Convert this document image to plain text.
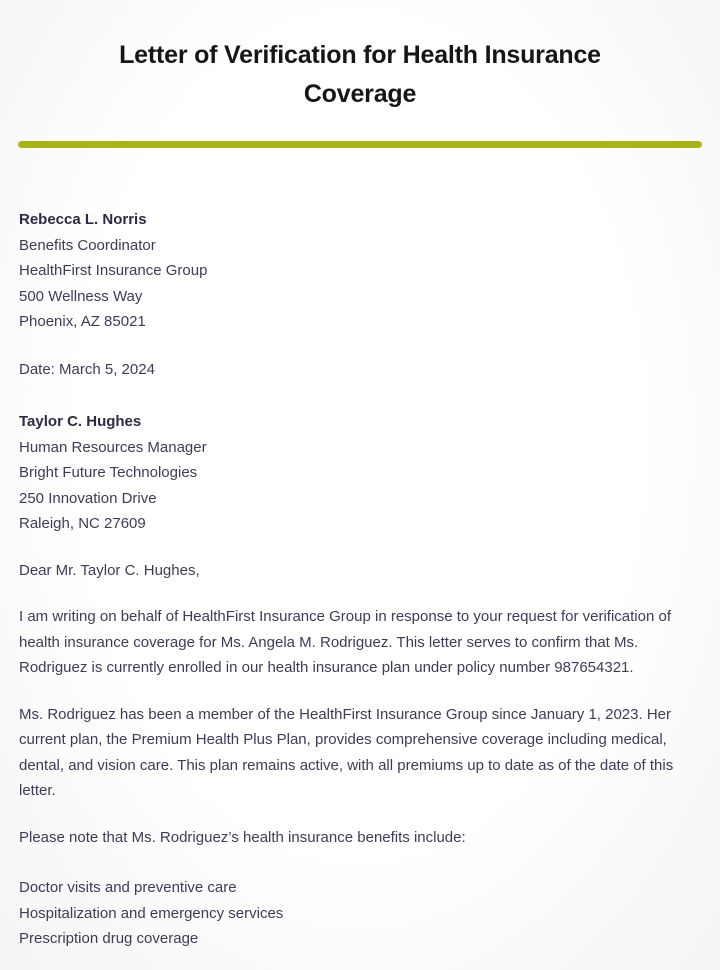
Letter of Verification for Health Insurance Coverage
Rebecca L. Norris
Benefits Coordinator
HealthFirst Insurance Group
500 Wellness Way
Phoenix, AZ 85021
Date: March 5, 2024
Taylor C. Hughes
Human Resources Manager
Bright Future Technologies
250 Innovation Drive
Raleigh, NC 27609
Dear Mr. Taylor C. Hughes,

I am writing on behalf of HealthFirst Insurance Group in response to your request for verification of health insurance coverage for Ms. Angela M. Rodriguez. This letter serves to confirm that Ms. Rodriguez is currently enrolled in our health insurance plan under policy number 987654321.

Ms. Rodriguez has been a member of the HealthFirst Insurance Group since January 1, 2023. Her current plan, the Premium Health Plus Plan, provides comprehensive coverage including medical, dental, and vision care. This plan remains active, with all premiums up to date as of the date of this letter.

Please note that Ms. Rodriguez’s health insurance benefits include:

Doctor visits and preventive care
Hospitalization and emergency services
Prescription drug coverage
